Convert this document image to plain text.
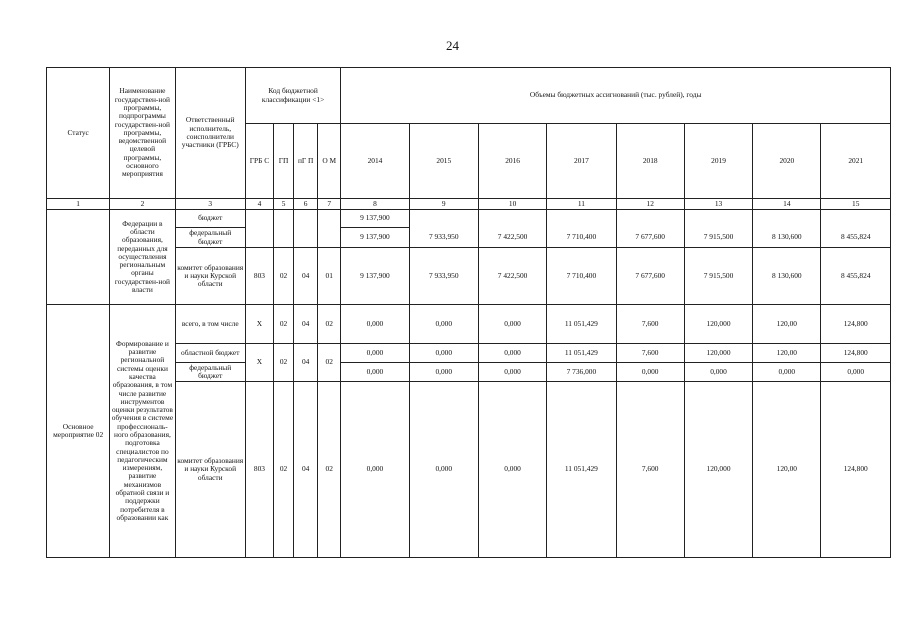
24
Статус	Наименование государствен-ной программы, подпрограммы государствен-ной программы, ведомственной целевой программы, основного мероприятия	Ответственный исполнитель, соисполнители участники (ГРБС)	Код бюджетной классификации <1>				Объемы бюджетных ассигнований (тыс. рублей), годы							
			ГРБ С	ГП	пГ П	О М	2014	2015	2016	2017	2018	2019	2020	2021
1	2	3	4	5	6	7	8	9	10	11	12	13	14	15
	Федерации в области образования, переданных для осуществления региональным органы государствен-ной власти	бюджет					9 137,900							
		федеральный бюджет					9 137,900	7 933,950	7 422,500	7 710,400	7 677,600	7 915,500	8 130,600	8 455,824
		комитет образования и науки Курской области	803	02	04	01	9 137,900	7 933,950	7 422,500	7 710,400	7 677,600	7 915,500	8 130,600	8 455,824
Основное мероприятие 02	Формирование и развитие региональной системы оценки качества образования, в том числе развитие инструментов оценки результатов обучения в системе профессиональ-ного образования, подготовка специалистов по педагогическим измерениям, развитие механизмов обратной связи и поддержки потребителя в образовании как	всего, в том числе	Х	02	04	02	0,000	0,000	0,000	11 051,429	7,600	120,000	120,00	124,800
		областной бюджет	Х	02	04	02	0,000	0,000	0,000	11 051,429	7,600	120,000	120,00	124,800
		федеральный бюджет					0,000	0,000	0,000	7 736,000	0,000	0,000	0,000	0,000
		комитет образования и науки Курской области	803	02	04	02	0,000	0,000	0,000	11 051,429	7,600	120,000	120,00	124,800
